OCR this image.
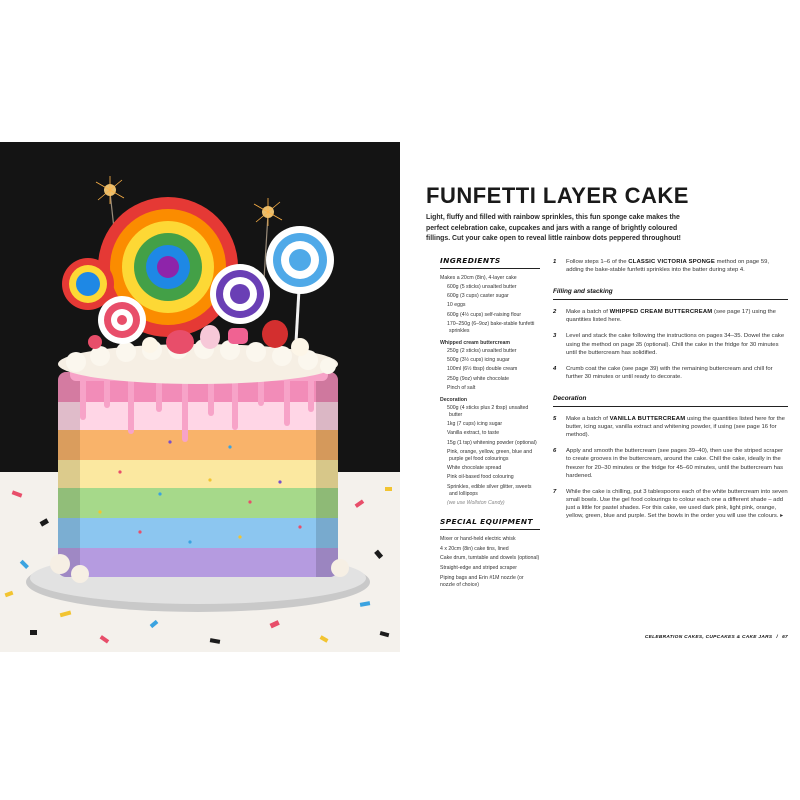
FUNFETTI LAYER CAKE
Light, fluffy and filled with rainbow sprinkles, this fun sponge cake makes the perfect celebration cake, cupcakes and jars with a range of brightly coloured fillings. Cut your cake open to reveal little rainbow dots peppered throughout!
INGREDIENTS
Makes a 20cm (8in), 4-layer cake
600g (5 sticks) unsalted butter
600g (3 cups) caster sugar
10 eggs
600g (4½ cups) self-raising flour
170–250g (6–9oz) bake-stable funfetti sprinkles
Whipped cream buttercream
250g (2 sticks) unsalted butter
500g (3½ cups) icing sugar
100ml (6½ tbsp) double cream
250g (9oz) white chocolate
Pinch of salt
Decoration
500g (4 sticks plus 2 tbsp) unsalted butter
1kg (7 cups) icing sugar
Vanilla extract, to taste
15g (1 tsp) whitening powder (optional)
Pink, orange, yellow, green, blue and purple gel food colourings
White chocolate spread
Pink oil-based food colouring
Sprinkles, edible silver glitter, sweets and lollipops
(we use Wollston Candy)
SPECIAL EQUIPMENT
Mixer or hand-held electric whisk
4 x 20cm (8in) cake tins, lined
Cake drum, turntable and dowels (optional)
Straight-edge and striped scraper
Piping bags and Erin #1M nozzle (or nozzle of choice)
1 Follow steps 1–6 of the CLASSIC VICTORIA SPONGE method on page 59, adding the bake-stable funfetti sprinkles into the batter during step 4.
Filling and stacking
2 Make a batch of WHIPPED CREAM BUTTERCREAM (see page 17) using the quantities listed here.
3 Level and stack the cake following the instructions on pages 34–35. Dowel the cake using the method on page 35 (optional). Chill the cake in the fridge for 30 minutes until the buttercream has solidified.
4 Crumb coat the cake (see page 39) with the remaining buttercream and chill for further 30 minutes or until ready to decorate.
Decoration
5 Make a batch of VANILLA BUTTERCREAM using the quantities listed here for the butter, icing sugar, vanilla extract and whitening powder, if using (see page 16 for method).
6 Apply and smooth the buttercream (see pages 39–40), then use the striped scraper to create grooves in the buttercream, around the cake. Chill the cake, ideally in the freezer for 20–30 minutes or the fridge for 45–60 minutes, until the buttercream has hardened.
7 While the cake is chilling, put 3 tablespoons each of the white buttercream into seven small bowls. Use the gel food colourings to colour each one a different shade – add just a little for pastel shades. For this cake, we used dark pink, light pink, orange, yellow, green, blue and purple. Set the bowls in the order you will use the colours. ▸
CELEBRATION CAKES, CUPCAKES & CAKE JARS / 67
